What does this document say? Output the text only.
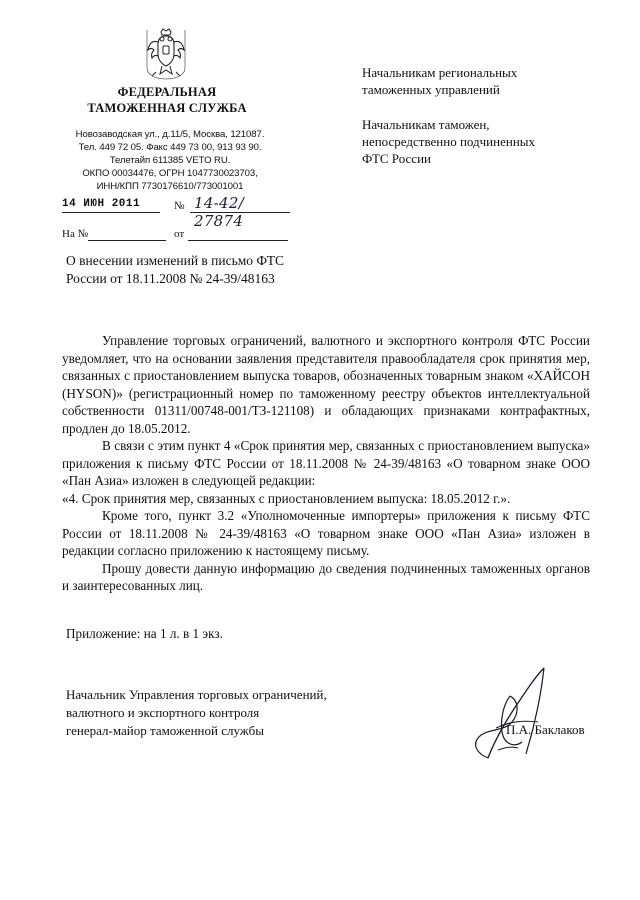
ФЕДЕРАЛЬНАЯ
ТАМОЖЕННАЯ СЛУЖБА
Новозаводская ул., д.11/5, Москва, 121087.
Тел. 449 72 05. Факс 449 73 00, 913 93 90.
Телетайп 611385 VETO RU.
ОКПО 00034476, ОГРН 1047730023703,
ИНН/КПП 7730176610/773001001
14 ИЮН 2011	№ 14-42/ 27874
На №	от
Начальникам региональных
таможенных управлений
Начальникам таможен,
непосредственно подчиненных
ФТС России
О внесении изменений в письмо ФТС
России от 18.11.2008 № 24-39/48163

Управление торговых ограничений, валютного и экспортного контроля ФТС России уведомляет, что на основании заявления представителя правообладателя срок принятия мер, связанных с приостановлением выпуска товаров, обозначенных товарным знаком «ХАЙСОН (HYSON)» (регистрационный номер по таможенному реестру объектов интеллектуальной собственности 01311/00748-001/ТЗ-121108) и обладающих признаками контрафактных, продлен до 18.05.2012.

В связи с этим пункт 4 «Срок принятия мер, связанных с приостановлением выпуска» приложения к письму ФТС России от 18.11.2008 № 24-39/48163 «О товарном знаке ООО «Пан Азиа» изложен в следующей редакции:

«4. Срок принятия мер, связанных с приостановлением выпуска: 18.05.2012 г.».

Кроме того, пункт 3.2 «Уполномоченные импортеры» приложения к письму ФТС России от 18.11.2008 № 24-39/48163 «О товарном знаке ООО «Пан Азиа» изложен в редакции согласно приложению к настоящему письму.

Прошу довести данную информацию до сведения подчиненных таможенных органов и заинтересованных лиц.

Приложение: на 1 л. в 1 экз.
Начальник Управления торговых ограничений,
валютного и экспортного контроля
генерал-майор таможенной службы	П.А. Баклаков
